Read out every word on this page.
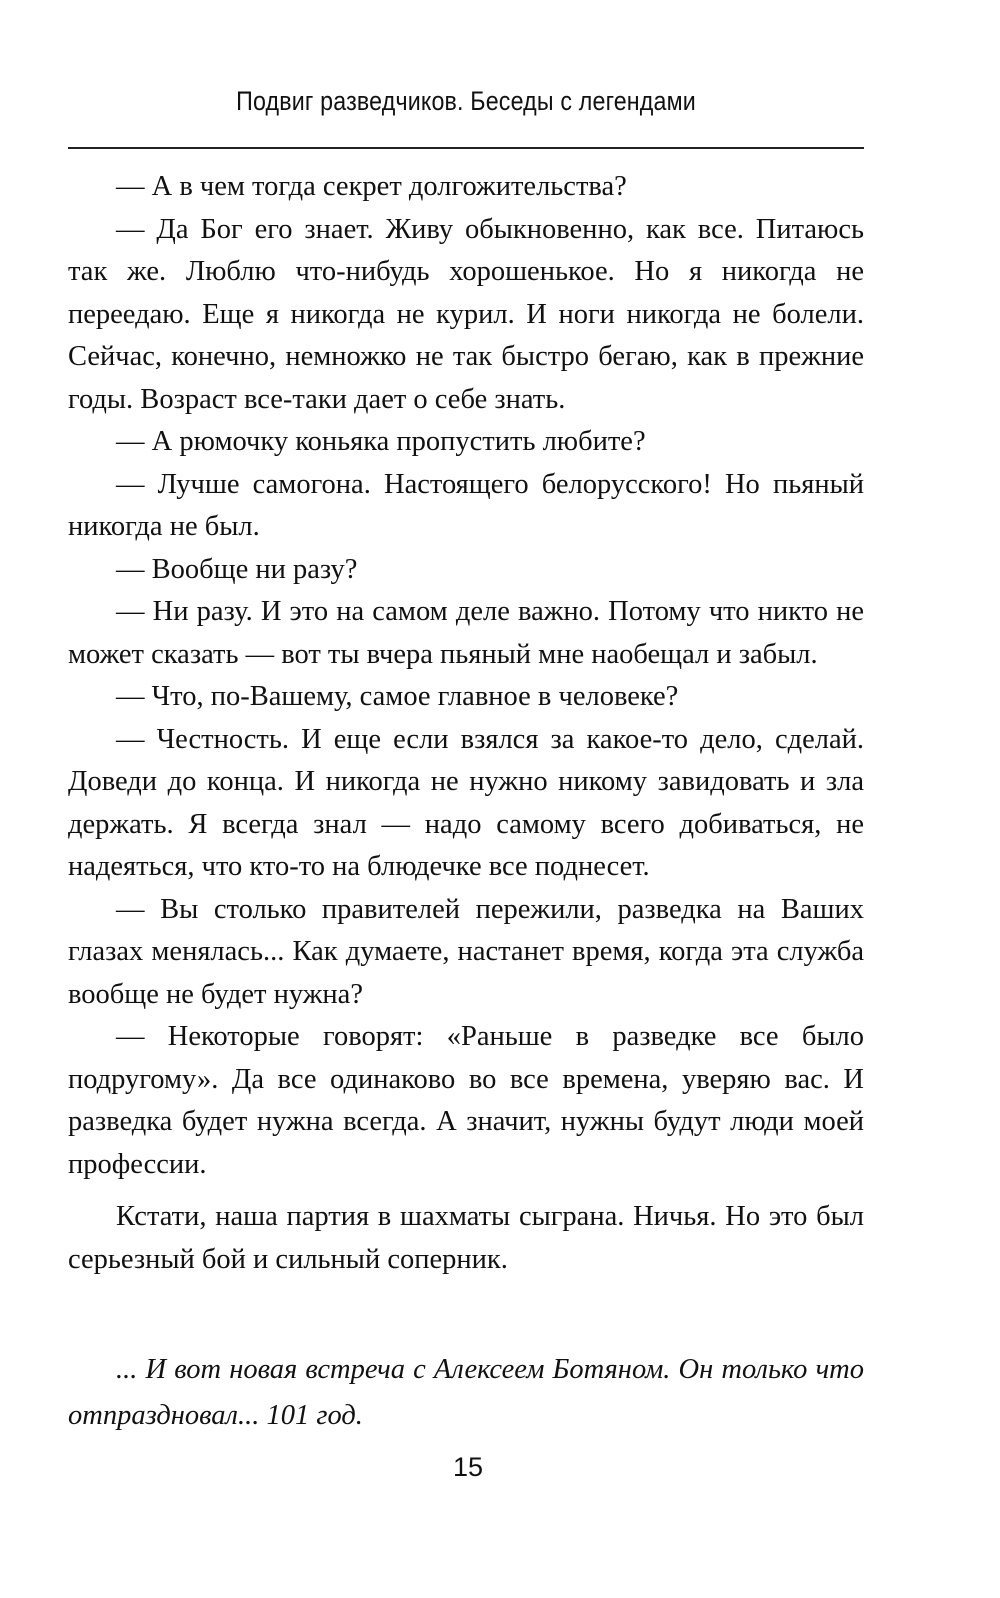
Подвиг разведчиков. Беседы с легендами

— А в чем тогда секрет долгожительства?

— Да Бог его знает. Живу обыкновенно, как все. Питаюсь так же. Люблю что-нибудь хорошенькое. Но я никогда не переедаю. Еще я никогда не курил. И ноги никогда не болели. Сейчас, конечно, немножко не так быстро бегаю, как в прежние годы. Возраст все-таки дает о себе знать.

— А рюмочку коньяка пропустить любите?

— Лучше самогона. Настоящего белорусского! Но пьяный никогда не был.

— Вообще ни разу?

— Ни разу. И это на самом деле важно. Потому что никто не может сказать — вот ты вчера пьяный мне наобещал и забыл.

— Что, по-Вашему, самое главное в человеке?

— Честность. И еще если взялся за какое-то дело, сделай. Доведи до конца. И никогда не нужно никому завидовать и зла держать. Я всегда знал — надо самому всего добиваться, не надеяться, что кто-то на блюдечке все поднесет.

— Вы столько правителей пережили, разведка на Ваших глазах менялась... Как думаете, настанет время, когда эта служба вообще не будет нужна?

— Некоторые говорят: «Раньше в разведке все было подругому». Да все одинаково во все времена, уверяю вас. И разведка будет нужна всегда. А значит, нужны будут люди моей профессии.

Кстати, наша партия в шахматы сыграна. Ничья. Но это был серьезный бой и сильный соперник.

... И вот новая встреча с Алексеем Ботяном. Он только что отпраздновал... 101 год.

15
